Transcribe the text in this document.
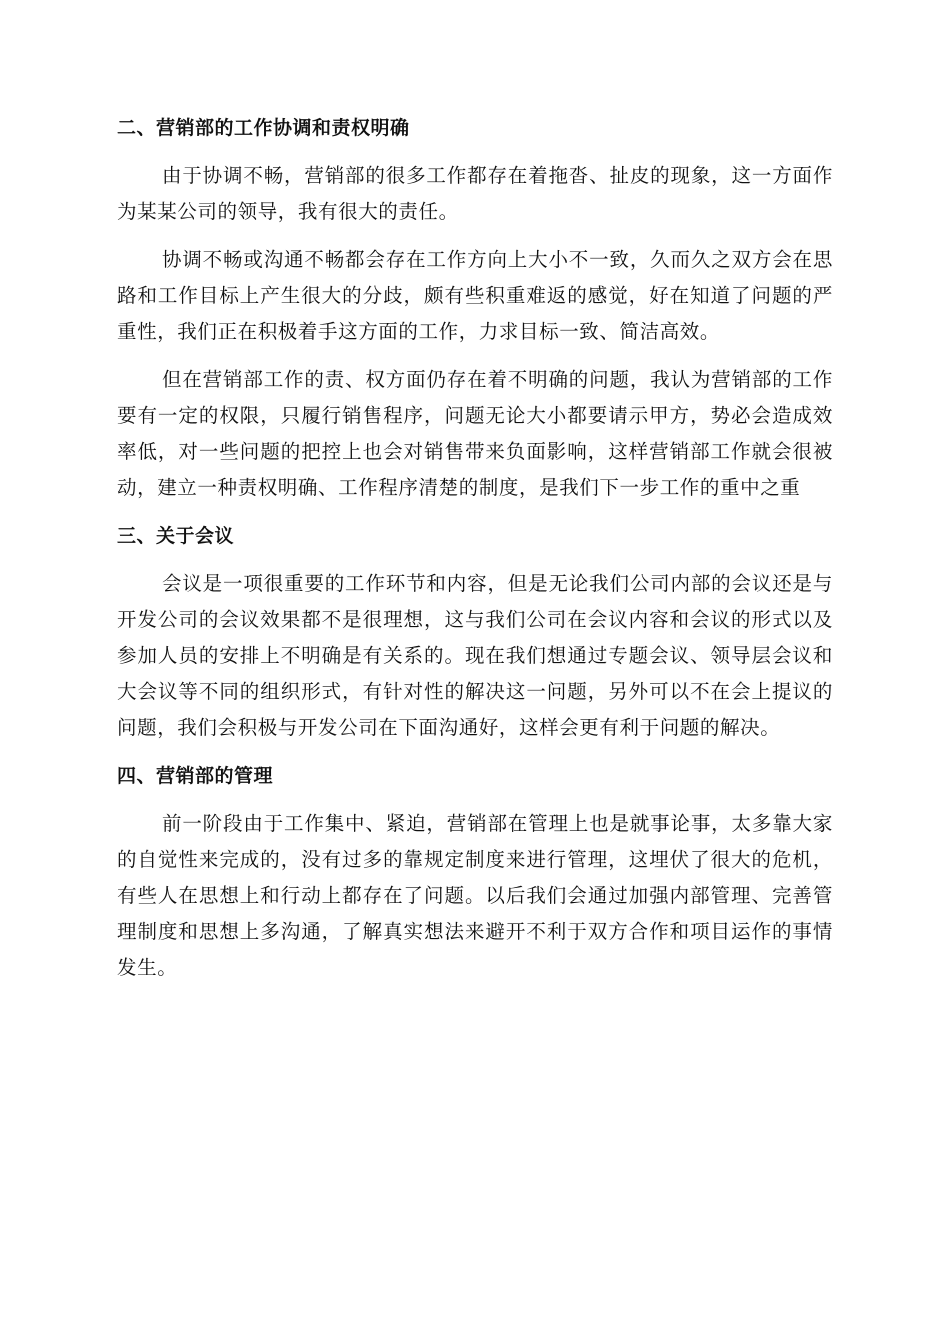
二、营销部的工作协调和责权明确

由于协调不畅，营销部的很多工作都存在着拖沓、扯皮的现象，这一方面作为某某公司的领导，我有很大的责任。

协调不畅或沟通不畅都会存在工作方向上大小不一致，久而久之双方会在思路和工作目标上产生很大的分歧，颇有些积重难返的感觉，好在知道了问题的严重性，我们正在积极着手这方面的工作，力求目标一致、简洁高效。

但在营销部工作的责、权方面仍存在着不明确的问题，我认为营销部的工作要有一定的权限，只履行销售程序，问题无论大小都要请示甲方，势必会造成效率低，对一些问题的把控上也会对销售带来负面影响，这样营销部工作就会很被动，建立一种责权明确、工作程序清楚的制度，是我们下一步工作的重中之重

三、关于会议

会议是一项很重要的工作环节和内容，但是无论我们公司内部的会议还是与开发公司的会议效果都不是很理想，这与我们公司在会议内容和会议的形式以及参加人员的安排上不明确是有关系的。现在我们想通过专题会议、领导层会议和大会议等不同的组织形式，有针对性的解决这一问题，另外可以不在会上提议的问题，我们会积极与开发公司在下面沟通好，这样会更有利于问题的解决。

四、营销部的管理

前一阶段由于工作集中、紧迫，营销部在管理上也是就事论事，太多靠大家的自觉性来完成的，没有过多的靠规定制度来进行管理，这埋伏了很大的危机，有些人在思想上和行动上都存在了问题。以后我们会通过加强内部管理、完善管理制度和思想上多沟通，了解真实想法来避开不利于双方合作和项目运作的事情发生。
